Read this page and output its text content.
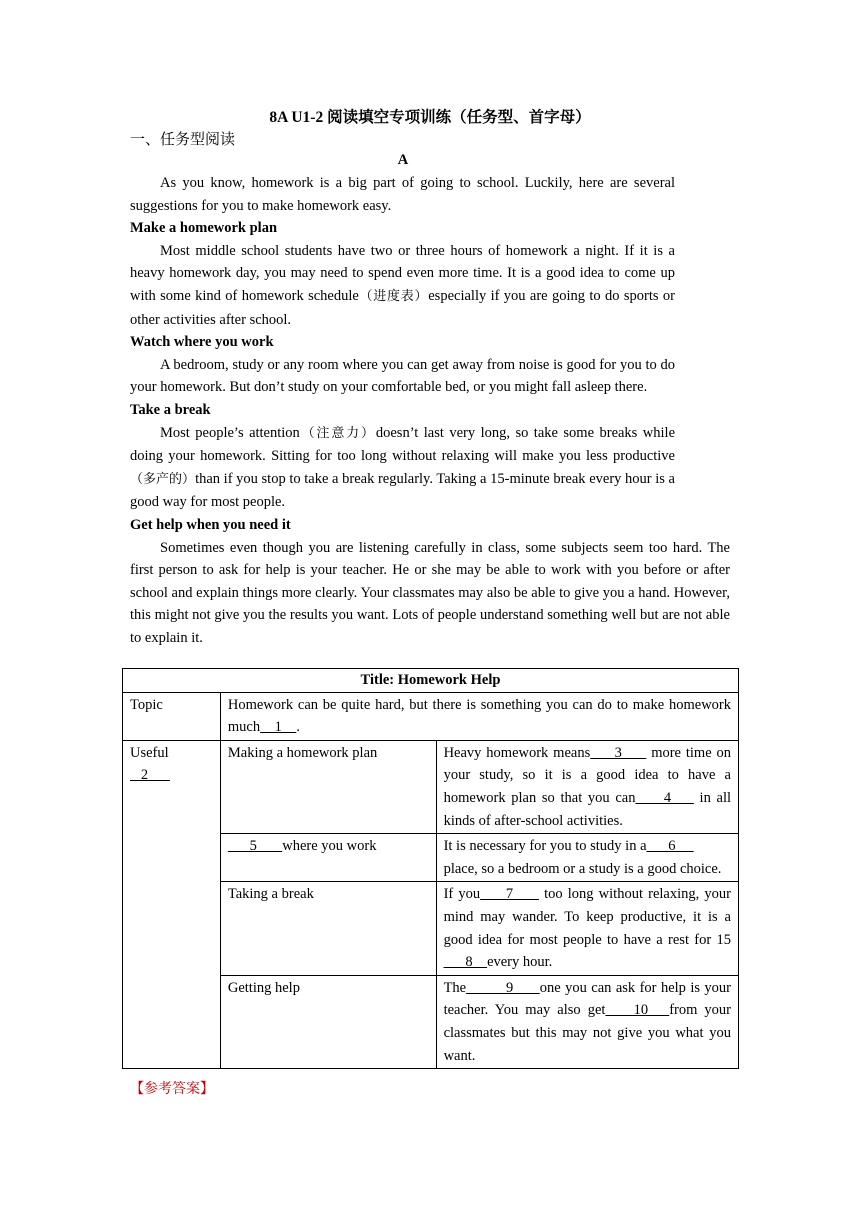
8A U1-2 阅读填空专项训练（任务型、首字母）
一、任务型阅读
A

As you know, homework is a big part of going to school. Luckily, here are several suggestions for you to make homework easy.

Make a homework plan

Most middle school students have two or three hours of homework a night. If it is a heavy homework day, you may need to spend even more time. It is a good idea to come up with some kind of homework schedule（进度表）especially if you are going to do sports or other activities after school.

Watch where you work

A bedroom, study or any room where you can get away from noise is good for you to do your homework. But don’t study on your comfortable bed, or you might fall asleep there.

Take a break

Most people’s attention（注意力）doesn’t last very long, so take some breaks while doing your homework. Sitting for too long without relaxing will make you less productive（多产的）than if you stop to take a break regularly. Taking a 15-minute break every hour is a good way for most people.

Get help when you need it

Sometimes even though you are listening carefully in class, some subjects seem too hard. The first person to ask for help is your teacher. He or she may be able to work with you before or after school and explain things more clearly. Your classmates may also be able to give you a hand. However, this might not give you the results you want. Lots of people understand something well but are not able to explain it.

Title: Homework Help		
Topic	Homework can be quite hard, but there is something you can do to make homework much    1    .	
Useful
2	Making a homework plan	Heavy homework means     3      more time on your study, so it is a good idea to have a homework plan so that you can     4     in all kinds of after-school activities.
	5       where you work	It is necessary for you to study in a      6      place, so a bedroom or a study is a good choice.
	Taking a break	If you     7      too long without relaxing, your mind may wander. To keep productive, it is a good idea for most people to have a rest for 15      8    every hour.
	Getting help	The         9      one you can ask for help is your teacher. You may also get    10   from your classmates but this may not give you what you want.
【参考答案】
